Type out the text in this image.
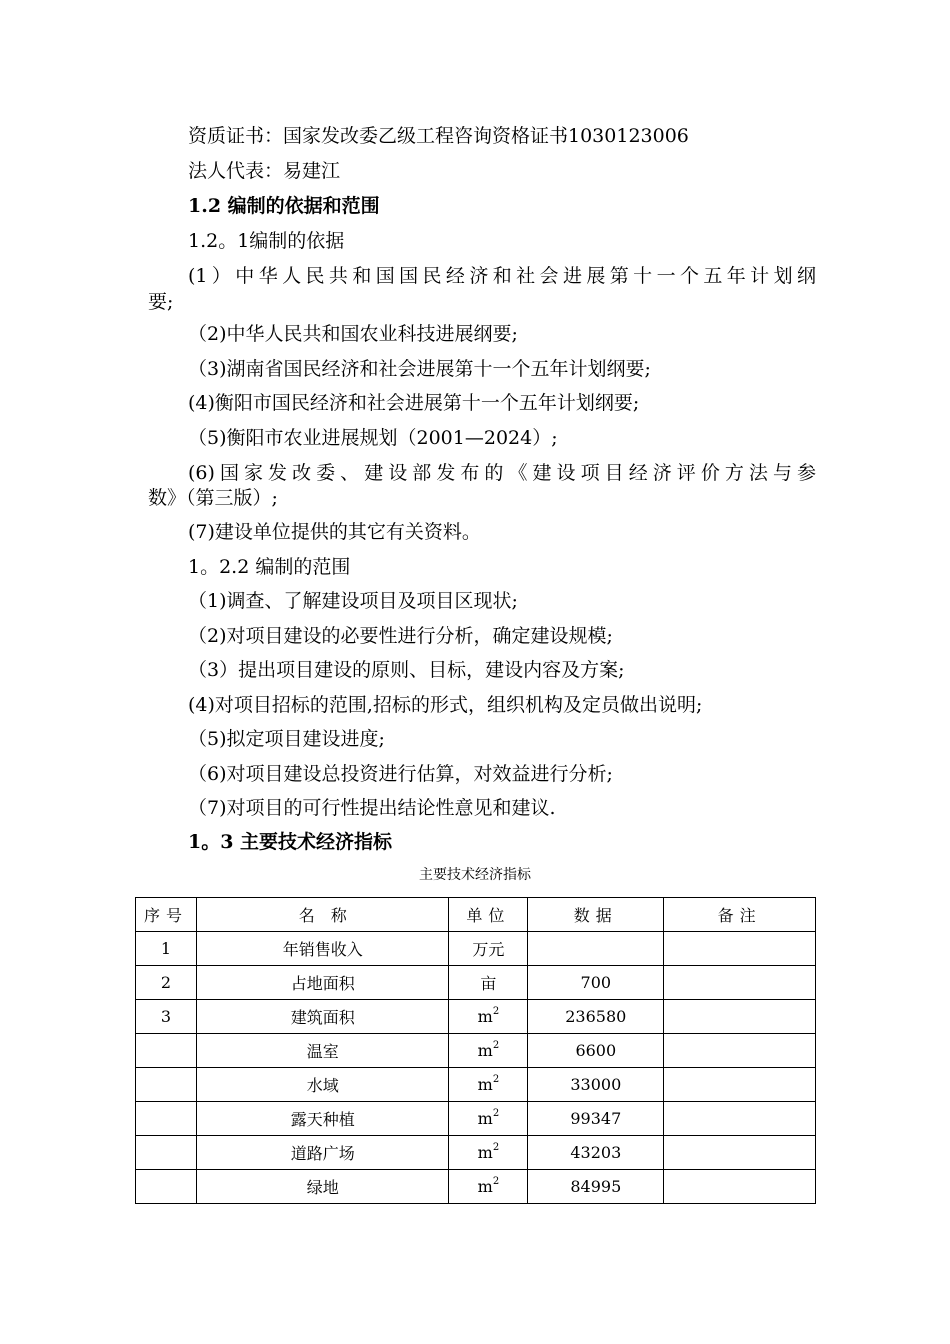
资质证书：国家发改委乙级工程咨询资格证书1030123006
法人代表：易建江
1.2 编制的依据和范围
1.2。1编制的依据
(1）中华人民共和国国民经济和社会进展第十一个五年计划纲
要;
（2)中华人民共和国农业科技进展纲要;
（3)湖南省国民经济和社会进展第十一个五年计划纲要;
(4)衡阳市国民经济和社会进展第十一个五年计划纲要;
（5)衡阳市农业进展规划（2001—2024）;
(6)国家发改委、建设部发布的《建设项目经济评价方法与参
数》（第三版）;
(7)建设单位提供的其它有关资料。
1。2.2 编制的范围
（1)调查、了解建设项目及项目区现状;
（2)对项目建设的必要性进行分析，确定建设规模;
（3）提出项目建设的原则、目标，建设内容及方案;
(4)对项目招标的范围,招标的形式，组织机构及定员做出说明;
（5)拟定项目建设进度;
（6)对项目建设总投资进行估算，对效益进行分析;
（7)对项目的可行性提出结论性意见和建议.
1。3 主要技术经济指标
主要技术经济指标
序号	名　称	单位	数据	备注
1	年销售收入	万元		
2	占地面积	亩	700	
3	建筑面积	$m^2$	236580	
	温室	$m^2$	6600	
	水域	$m^2$	33000	
	露天种植	$m^2$	99347	
	道路广场	$m^2$	43203	
	绿地	$m^2$	84995	
